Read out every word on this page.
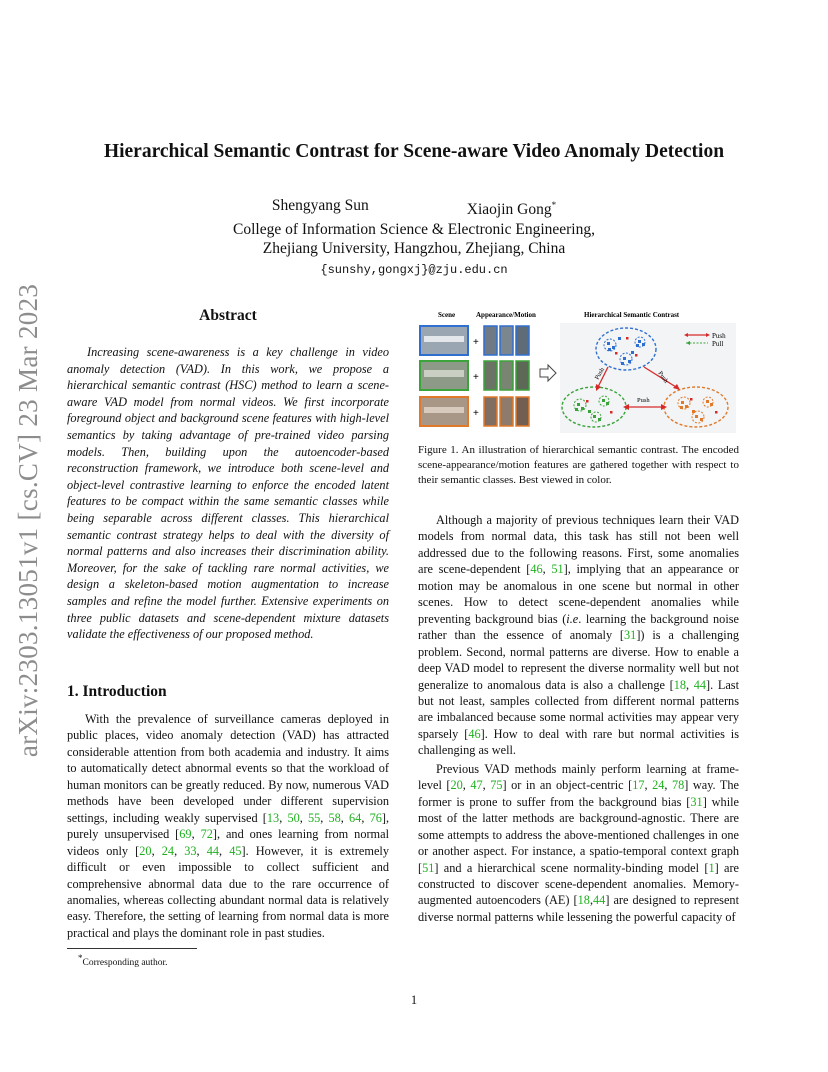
arXiv:2303.13051v1 [cs.CV] 23 Mar 2023
Hierarchical Semantic Contrast for Scene-aware Video Anomaly Detection
Shengyang Sun	Xiaojin Gong*
College of Information Science & Electronic Engineering,
Zhejiang University, Hangzhou, Zhejiang, China
{sunshy,gongxj}@zju.edu.cn
Abstract

Increasing scene-awareness is a key challenge in video anomaly detection (VAD). In this work, we propose a hierarchical semantic contrast (HSC) method to learn a scene-aware VAD model from normal videos. We first incorporate foreground object and background scene features with high-level semantics by taking advantage of pre-trained video parsing models. Then, building upon the autoencoder-based reconstruction framework, we introduce both scene-level and object-level contrastive learning to enforce the encoded latent features to be compact within the same semantic classes while being separable across different classes. This hierarchical semantic contrast strategy helps to deal with the diversity of normal patterns and also increases their discrimination ability. Moreover, for the sake of tackling rare normal activities, we design a skeleton-based motion augmentation to increase samples and refine the model further. Extensive experiments on three public datasets and scene-dependent mixture datasets validate the effectiveness of our proposed method.

1. Introduction

With the prevalence of surveillance cameras deployed in public places, video anomaly detection (VAD) has attracted considerable attention from both academia and industry. It aims to automatically detect abnormal events so that the workload of human monitors can be greatly reduced. By now, numerous VAD methods have been developed under different supervision settings, including weakly supervised [13, 50, 55, 58, 64, 76], purely unsupervised [69, 72], and ones learning from normal videos only [20, 24, 33, 44, 45]. However, it is extremely difficult or even impossible to collect sufficient and comprehensive abnormal data due to the rare occurrence of anomalies, whereas collecting abundant normal data is relatively easy. Therefore, the setting of learning from normal data is more practical and plays the dominant role in past studies.

Scene	Appearance/Motion	Hierarchical Semantic Contrast
+
+
+
Push	Push
Push
Push
Pull
Figure 1. An illustration of hierarchical semantic contrast. The encoded scene-appearance/motion features are gathered together with respect to their semantic classes. Best viewed in color.

Although a majority of previous techniques learn their VAD models from normal data, this task has still not been well addressed due to the following reasons. First, some anomalies are scene-dependent [46, 51], implying that an appearance or motion may be anomalous in one scene but normal in other scenes. How to detect scene-dependent anomalies while preventing background bias (i.e. learning the background noise rather than the essence of anomaly [31]) is a challenging problem. Second, normal patterns are diverse. How to enable a deep VAD model to represent the diverse normality well but not generalize to anomalous data is also a challenge [18, 44]. Last but not least, samples collected from different normal patterns are imbalanced because some normal activities may appear very sparsely [46]. How to deal with rare but normal activities is challenging as well.

Previous VAD methods mainly perform learning at frame-level [20, 47, 75] or in an object-centric [17, 24, 78] way. The former is prone to suffer from the background bias [31] while most of the latter methods are background-agnostic. There are some attempts to address the above-mentioned challenges in one or another aspect. For instance, a spatio-temporal context graph [51] and a hierarchical scene normality-binding model [1] are constructed to discover scene-dependent anomalies. Memory-augmented autoencoders (AE) [18,44] are designed to represent diverse normal patterns while lessening the powerful capacity of

*Corresponding author.
1
